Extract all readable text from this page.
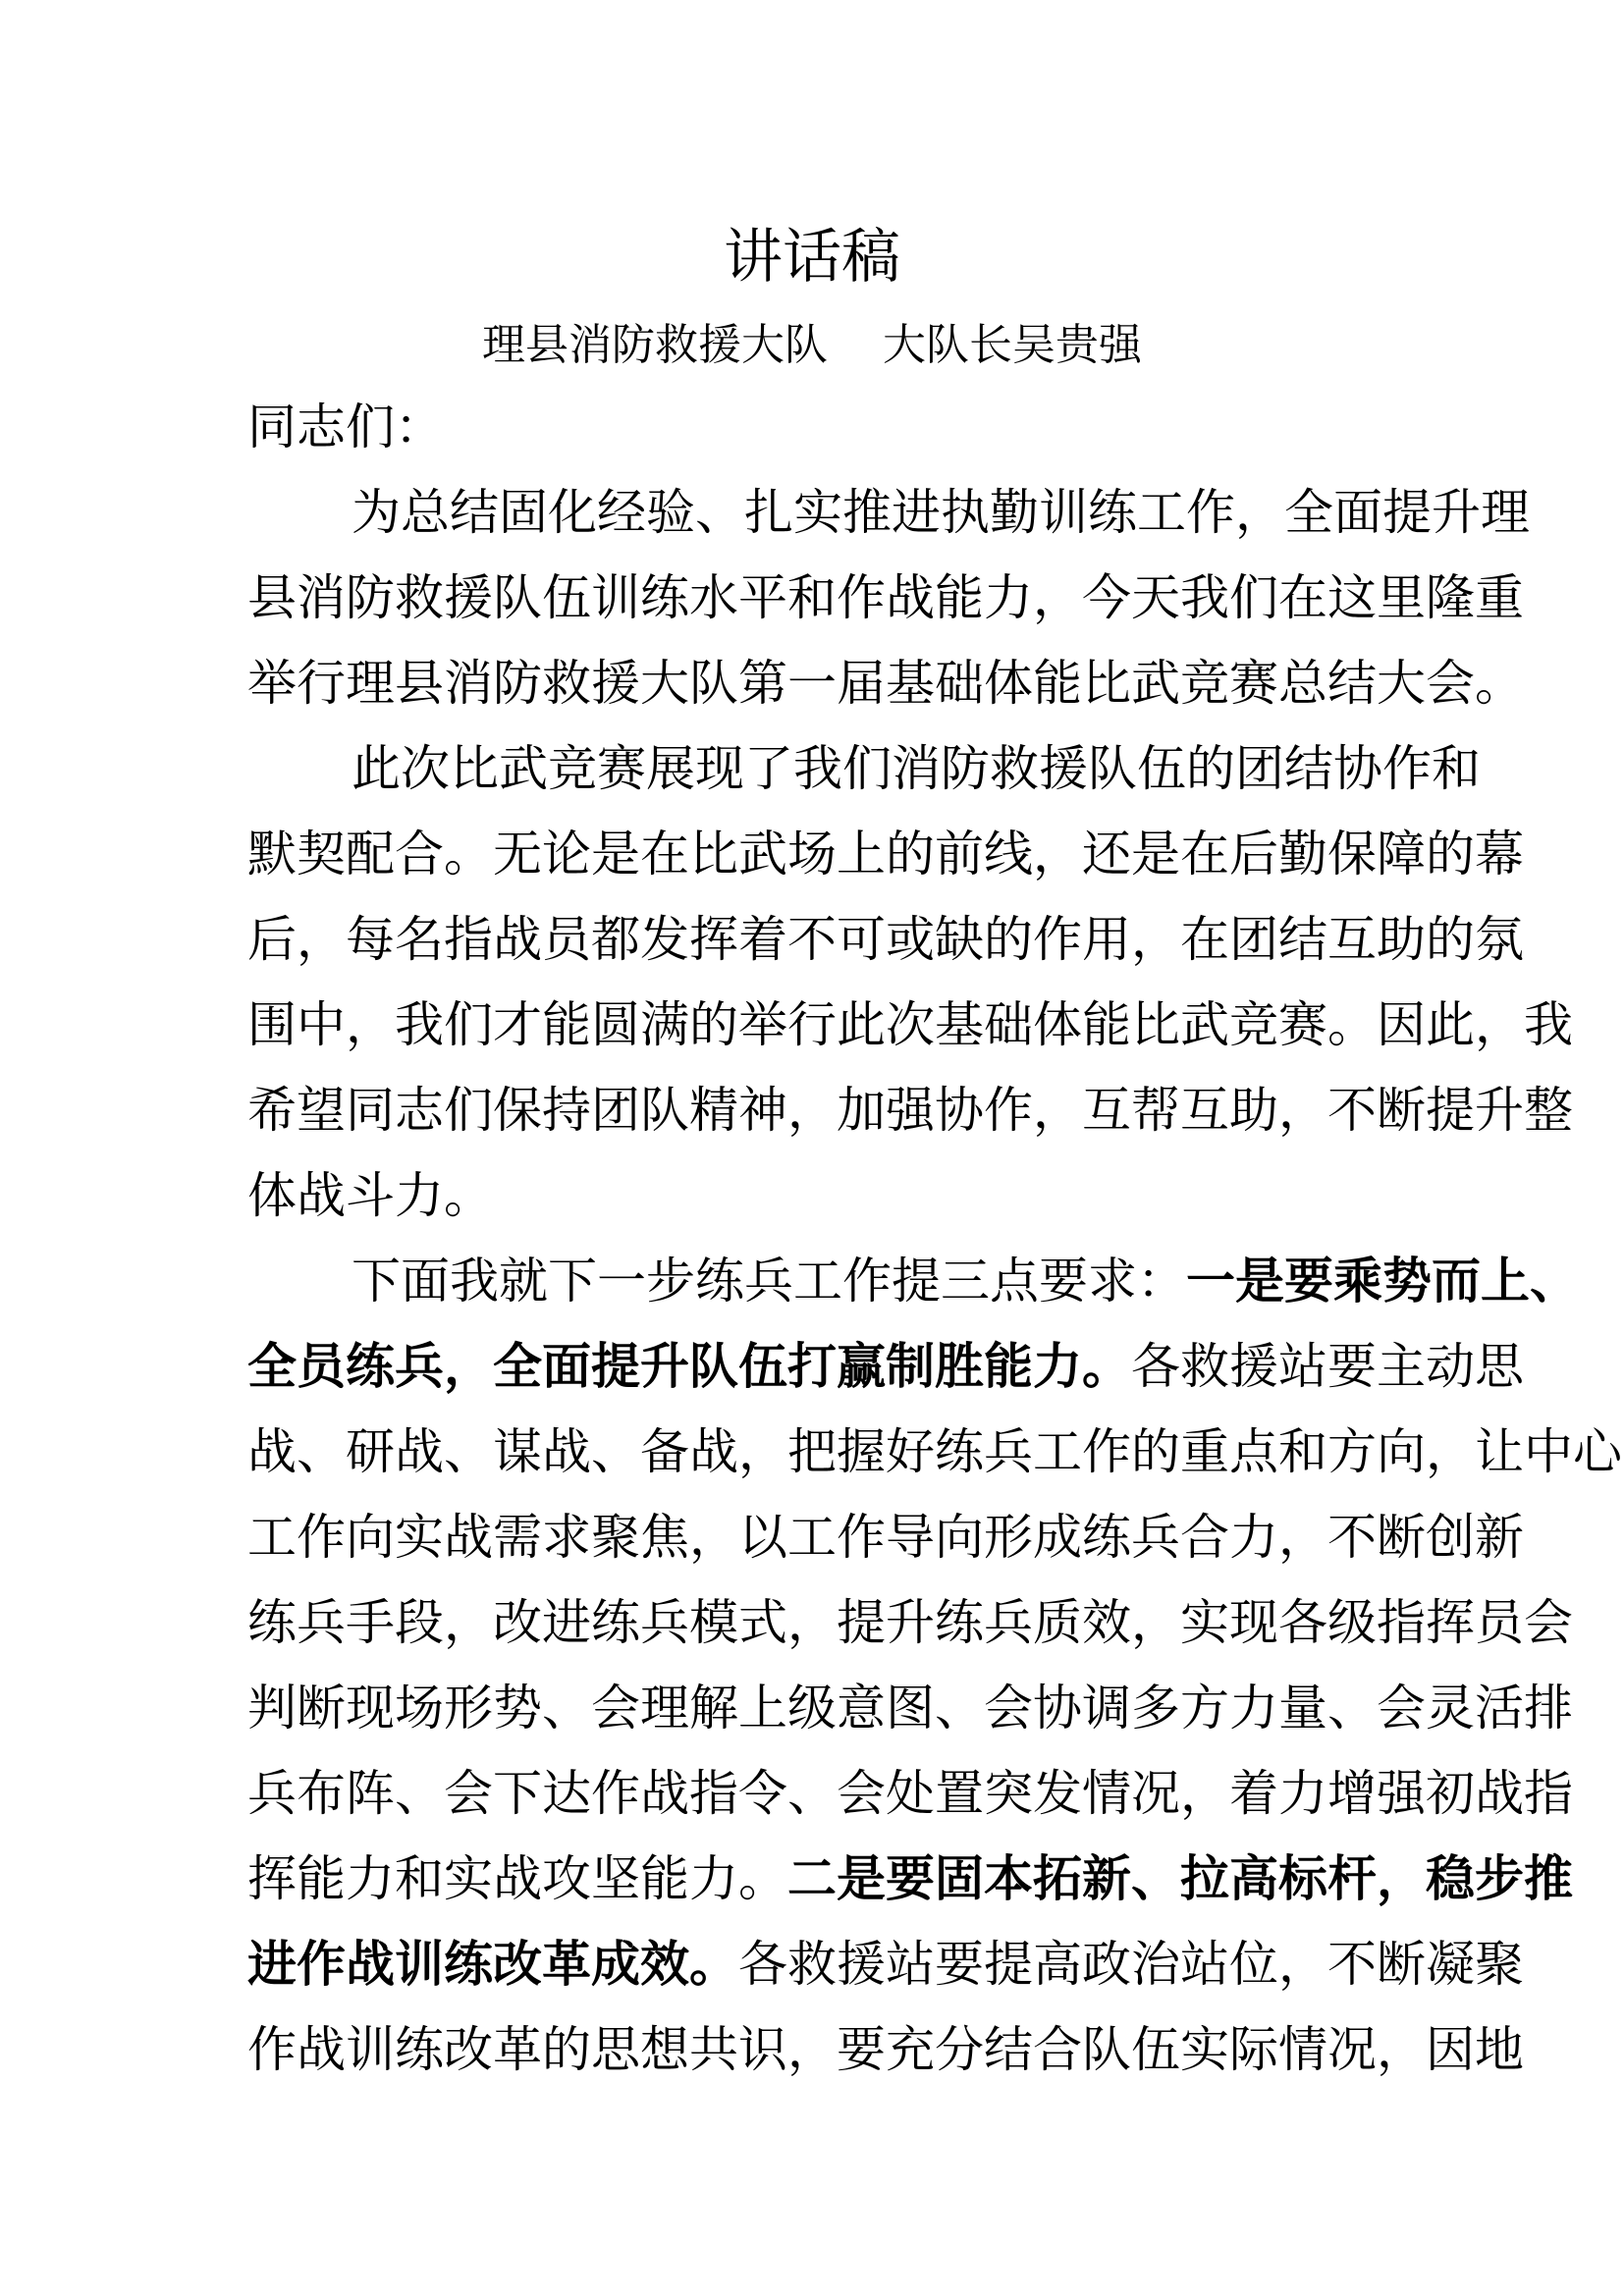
讲话稿
理县消防救援大队    大队长吴贵强
同志们：
为总结固化经验、扎实推进执勤训练工作，全面提升理
县消防救援队伍训练水平和作战能力，今天我们在这里隆重
举行理县消防救援大队第一届基础体能比武竞赛总结大会。
此次比武竞赛展现了我们消防救援队伍的团结协作和
默契配合。无论是在比武场上的前线，还是在后勤保障的幕
后，每名指战员都发挥着不可或缺的作用，在团结互助的氛
围中，我们才能圆满的举行此次基础体能比武竞赛。因此，我
希望同志们保持团队精神，加强协作，互帮互助，不断提升整
体战斗力。
下面我就下一步练兵工作提三点要求：一是要乘势而上、
全员练兵，全面提升队伍打赢制胜能力。各救援站要主动思
战、研战、谋战、备战，把握好练兵工作的重点和方向，让中心
工作向实战需求聚焦，以工作导向形成练兵合力，不断创新
练兵手段，改进练兵模式，提升练兵质效，实现各级指挥员会
判断现场形势、会理解上级意图、会协调多方力量、会灵活排
兵布阵、会下达作战指令、会处置突发情况，着力增强初战指
挥能力和实战攻坚能力。二是要固本拓新、拉高标杆，稳步推
进作战训练改革成效。各救援站要提高政治站位，不断凝聚
作战训练改革的思想共识，要充分结合队伍实际情况，因地
